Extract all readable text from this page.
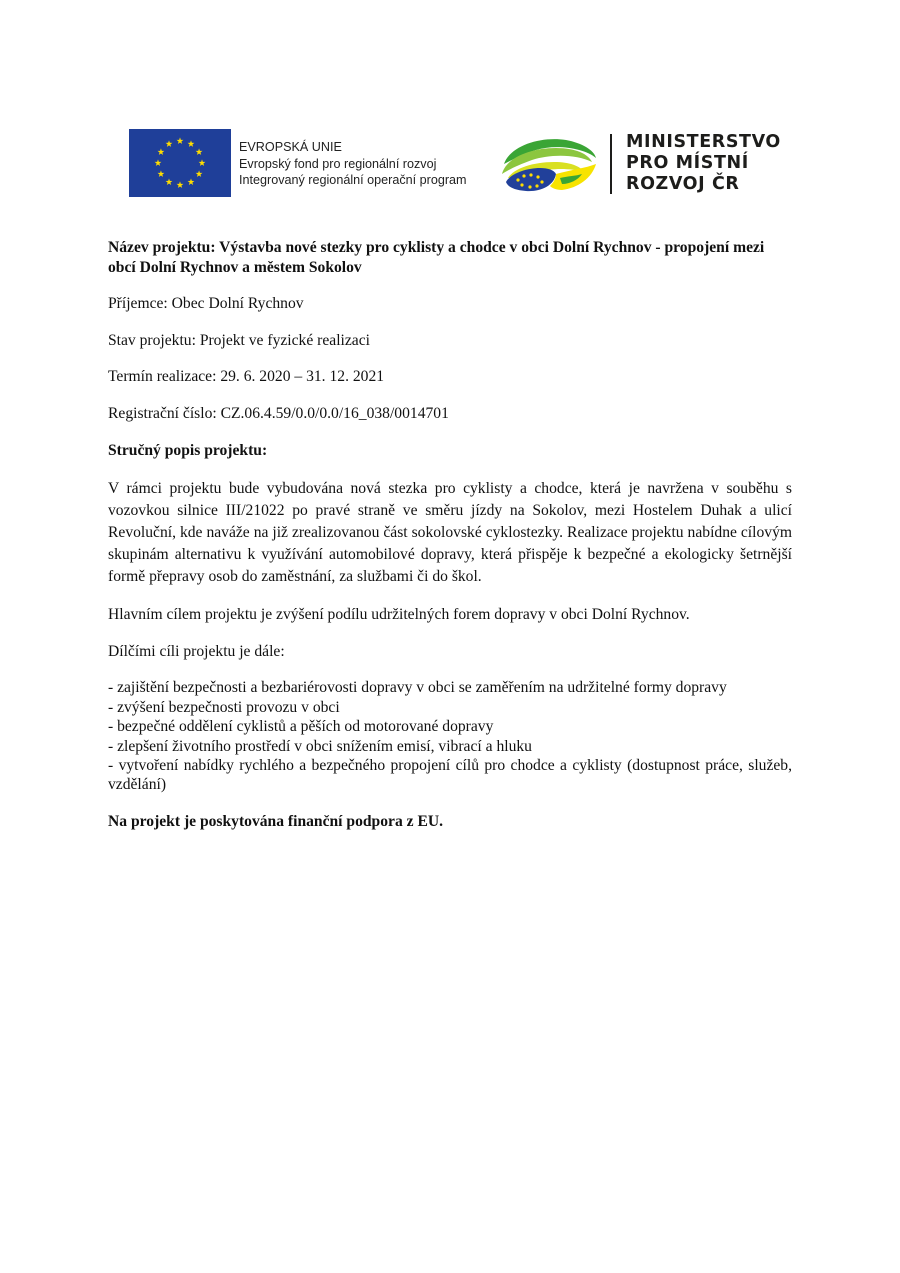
EVROPSKÁ UNIE
Evropský fond pro regionální rozvoj
Integrovaný regionální operační program
MINISTERSTVO
PRO MÍSTNÍ
ROZVOJ ČR

Název projektu: Výstavba nové stezky pro cyklisty a chodce v obci Dolní Rychnov - propojení mezi obcí Dolní Rychnov a městem Sokolov

Příjemce: Obec Dolní Rychnov

Stav projektu: Projekt ve fyzické realizaci

Termín realizace: 29. 6. 2020 – 31. 12. 2021

Registrační číslo: CZ.06.4.59/0.0/0.0/16_038/0014701

Stručný popis projektu:

V rámci projektu bude vybudována nová stezka pro cyklisty a chodce, která je navržena v souběhu s vozovkou silnice III/21022 po pravé straně ve směru jízdy na Sokolov, mezi Hostelem Duhak a ulicí Revoluční, kde naváže na již zrealizovanou část sokolovské cyklostezky. Realizace projektu nabídne cílovým skupinám alternativu k využívání automobilové dopravy, která přispěje k bezpečné a ekologicky šetrnější formě přepravy osob do zaměstnání, za službami či do škol.

Hlavním cílem projektu je zvýšení podílu udržitelných forem dopravy v obci Dolní Rychnov.

Dílčími cíli projektu je dále:

- zajištění bezpečnosti a bezbariérovosti dopravy v obci se zaměřením na udržitelné formy dopravy
- zvýšení bezpečnosti provozu v obci
- bezpečné oddělení cyklistů a pěších od motorované dopravy
- zlepšení životního prostředí v obci snížením emisí, vibrací a hluku
- vytvoření nabídky rychlého a bezpečného propojení cílů pro chodce a cyklisty (dostupnost práce, služeb, vzdělání)

Na projekt je poskytována finanční podpora z EU.
